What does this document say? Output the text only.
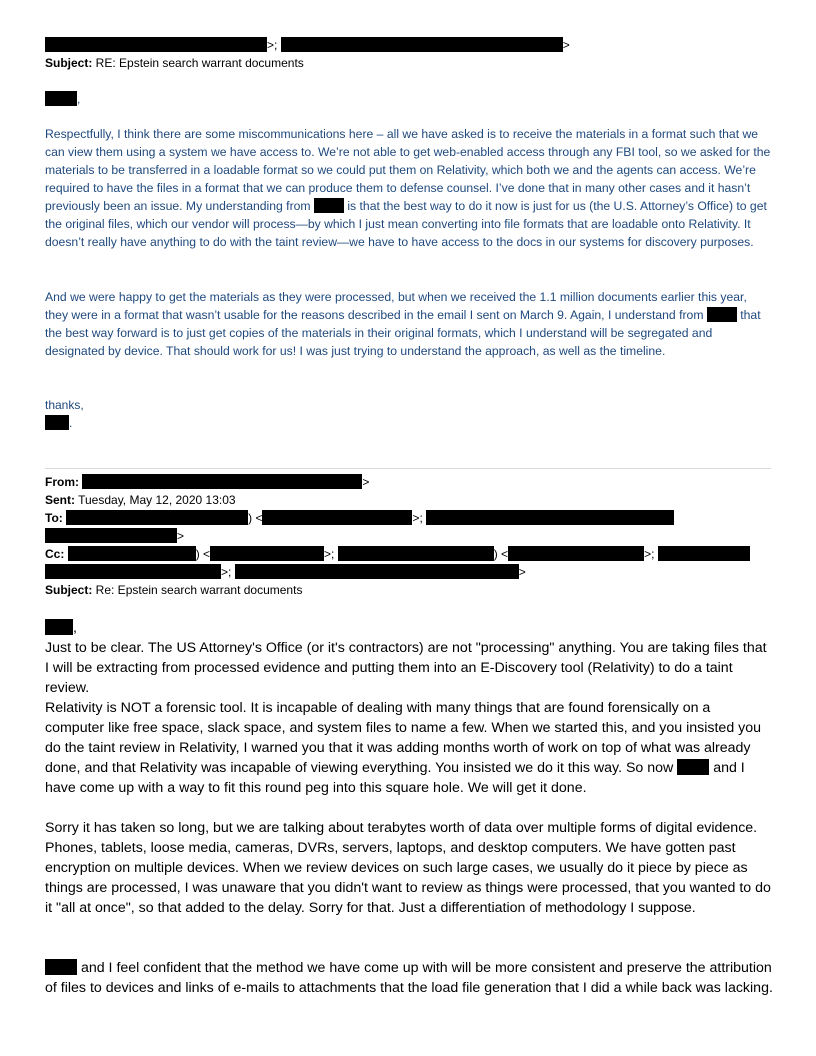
>;	>
Subject: RE: Epstein search warrant documents
,

Respectfully, I think there are some miscommunications here – all we have asked is to receive the materials in a format such that we can view them using a system we have access to. We’re not able to get web-enabled access through any FBI tool, so we asked for the materials to be transferred in a loadable format so we could put them on Relativity, which both we and the agents can access. We’re required to have the files in a format that we can produce them to defense counsel. I’ve done that in many other cases and it hasn’t previously been an issue. My understanding from  is that the best way to do it now is just for us (the U.S. Attorney’s Office) to get the original files, which our vendor will process—by which I just mean converting into file formats that are loadable onto Relativity. It doesn’t really have anything to do with the taint review—we have to have access to the docs in our systems for discovery purposes.

And we were happy to get the materials as they were processed, but when we received the 1.1 million documents earlier this year, they were in a format that wasn’t usable for the reasons described in the email I sent on March 9. Again, I understand from  that the best way forward is to just get copies of the materials in their original formats, which I understand will be segregated and designated by device. That should work for us! I was just trying to understand the approach, as well as the timeline.

thanks,
.
From:	>
Sent: Tuesday, May 12, 2020 13:03
To:	) <	>;
>
Cc:	) <	>;	) <	>;
>;	>
Subject: Re: Epstein search warrant documents
,

Just to be clear. The US Attorney's Office (or it's contractors) are not "processing" anything. You are taking files that I will be extracting from processed evidence and putting them into an E-Discovery tool (Relativity) to do a taint review.

Relativity is NOT a forensic tool. It is incapable of dealing with many things that are found forensically on a computer like free space, slack space, and system files to name a few. When we started this, and you insisted you do the taint review in Relativity, I warned you that it was adding months worth of work on top of what was already done, and that Relativity was incapable of viewing everything. You insisted we do it this way. So now  and I have come up with a way to fit this round peg into this square hole. We will get it done.

Sorry it has taken so long, but we are talking about terabytes worth of data over multiple forms of digital evidence. Phones, tablets, loose media, cameras, DVRs, servers, laptops, and desktop computers. We have gotten past encryption on multiple devices. When we review devices on such large cases, we usually do it piece by piece as things are processed, I was unaware that you didn't want to review as things were processed, that you wanted to do it "all at once", so that added to the delay. Sorry for that. Just a differentiation of methodology I suppose.

and I feel confident that the method we have come up with will be more consistent and preserve the attribution of files to devices and links of e-mails to attachments that the load file generation that I did a while back was lacking.
